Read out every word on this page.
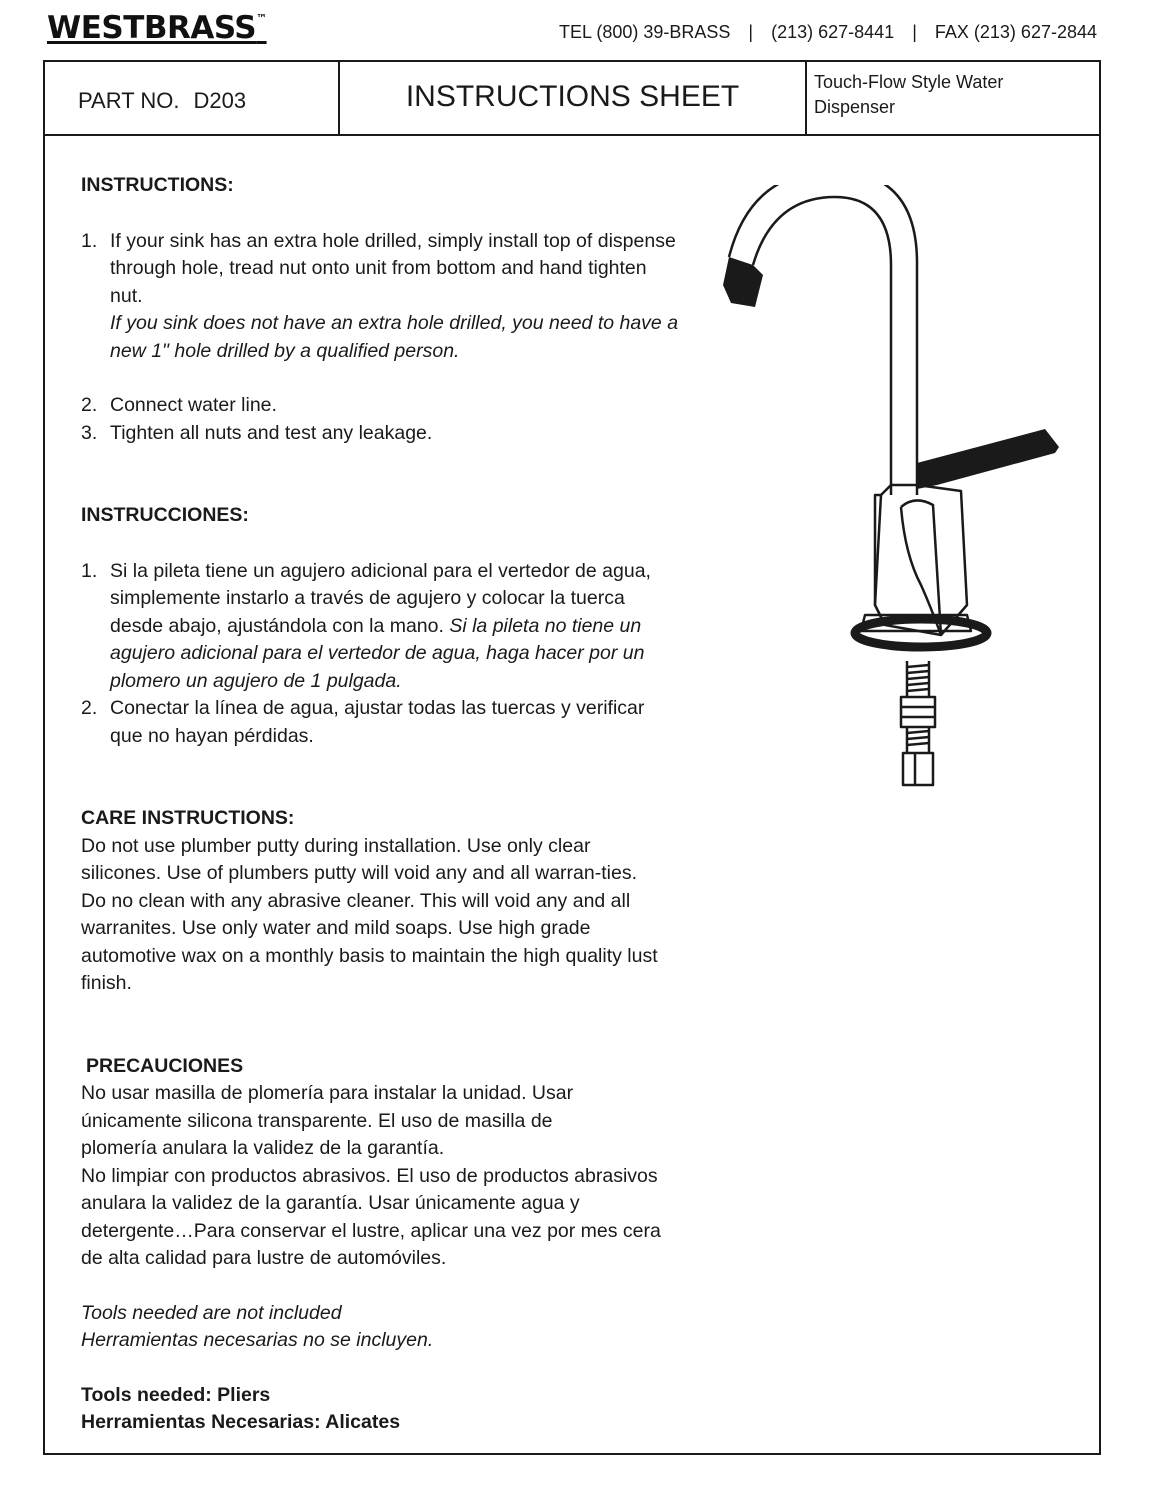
WESTBRASS™
TEL (800) 39-BRASS | (213) 627-8441 | FAX (213) 627-2844
PART NO. D203	INSTRUCTIONS SHEET	Touch-Flow Style Water Dispenser
INSTRUCTIONS:
1. If your sink has an extra hole drilled, simply install top of dispense through hole, tread nut onto unit from bottom and hand tighten nut.
If you sink does not have an extra hole drilled, you need to have a new 1" hole drilled by a qualified person.
2. Connect water line.
3. Tighten all nuts and test any leakage.
INSTRUCCIONES:
1. Si la pileta tiene un agujero adicional para el vertedor de agua, simplemente instarlo a través de agujero y colocar la tuerca desde abajo, ajustándola con la mano. Si la pileta no tiene un agujero adicional para el vertedor de agua, haga hacer por un plomero un agujero de 1 pulgada.
2. Conectar la línea de agua, ajustar todas las tuercas y verificar que no hayan pérdidas.
CARE INSTRUCTIONS:

Do not use plumber putty during installation. Use only clear silicones. Use of plumbers putty will void any and all warran-ties. Do no clean with any abrasive cleaner. This will void any and all warranites. Use only water and mild soaps. Use high grade automotive wax on a monthly basis to maintain the high quality lust finish.

PRECAUCIONES

No usar masilla de plomería para instalar la unidad. Usar únicamente silicona transparente. El uso de masilla de plomería anulara la validez de la garantía.

No limpiar con productos abrasivos. El uso de productos abrasivos anulara la validez de la garantía. Usar únicamente agua y detergente…Para conservar el lustre, aplicar una vez por mes cera de alta calidad para lustre de automóviles.

Tools needed are not included

Herramientas necesarias no se incluyen.

Tools needed: Pliers

Herramientas Necesarias: Alicates
